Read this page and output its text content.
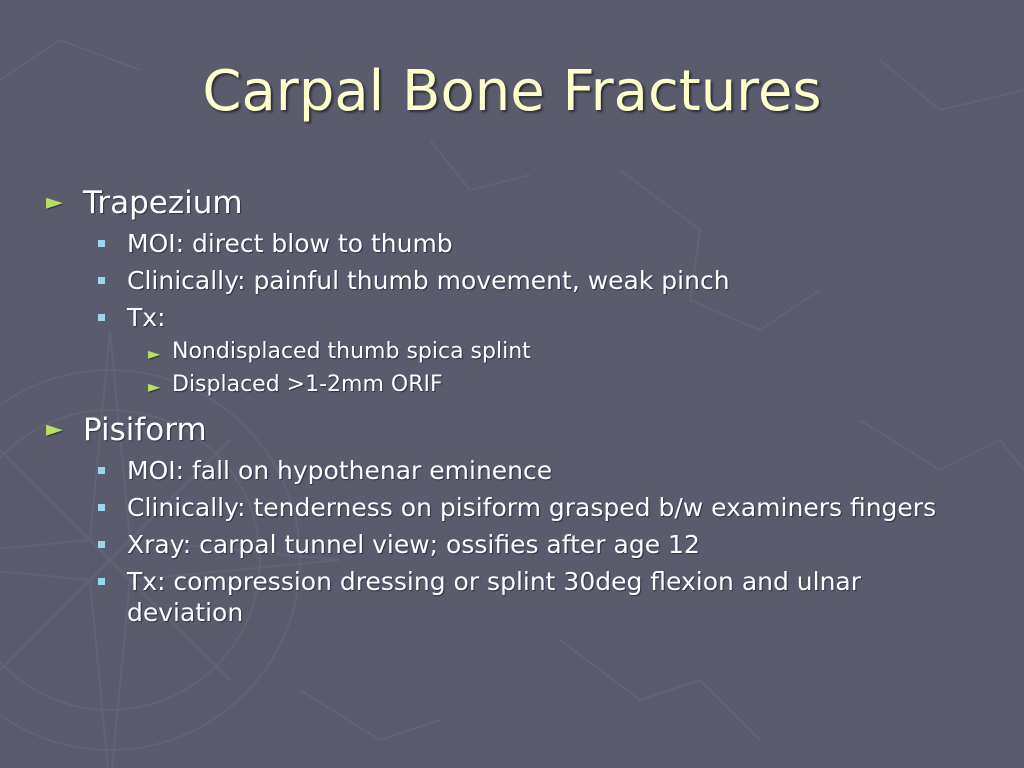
Carpal Bone Fractures
► Trapezium
MOI: direct blow to thumb
Clinically: painful thumb movement, weak pinch
Tx:
► Nondisplaced thumb spica splint
► Displaced >1-2mm ORIF
► Pisiform
MOI: fall on hypothenar eminence
Clinically: tenderness on pisiform grasped b/w examiners fingers
Xray: carpal tunnel view; ossifies after age 12
Tx: compression dressing or splint 30deg flexion and ulnar deviation
